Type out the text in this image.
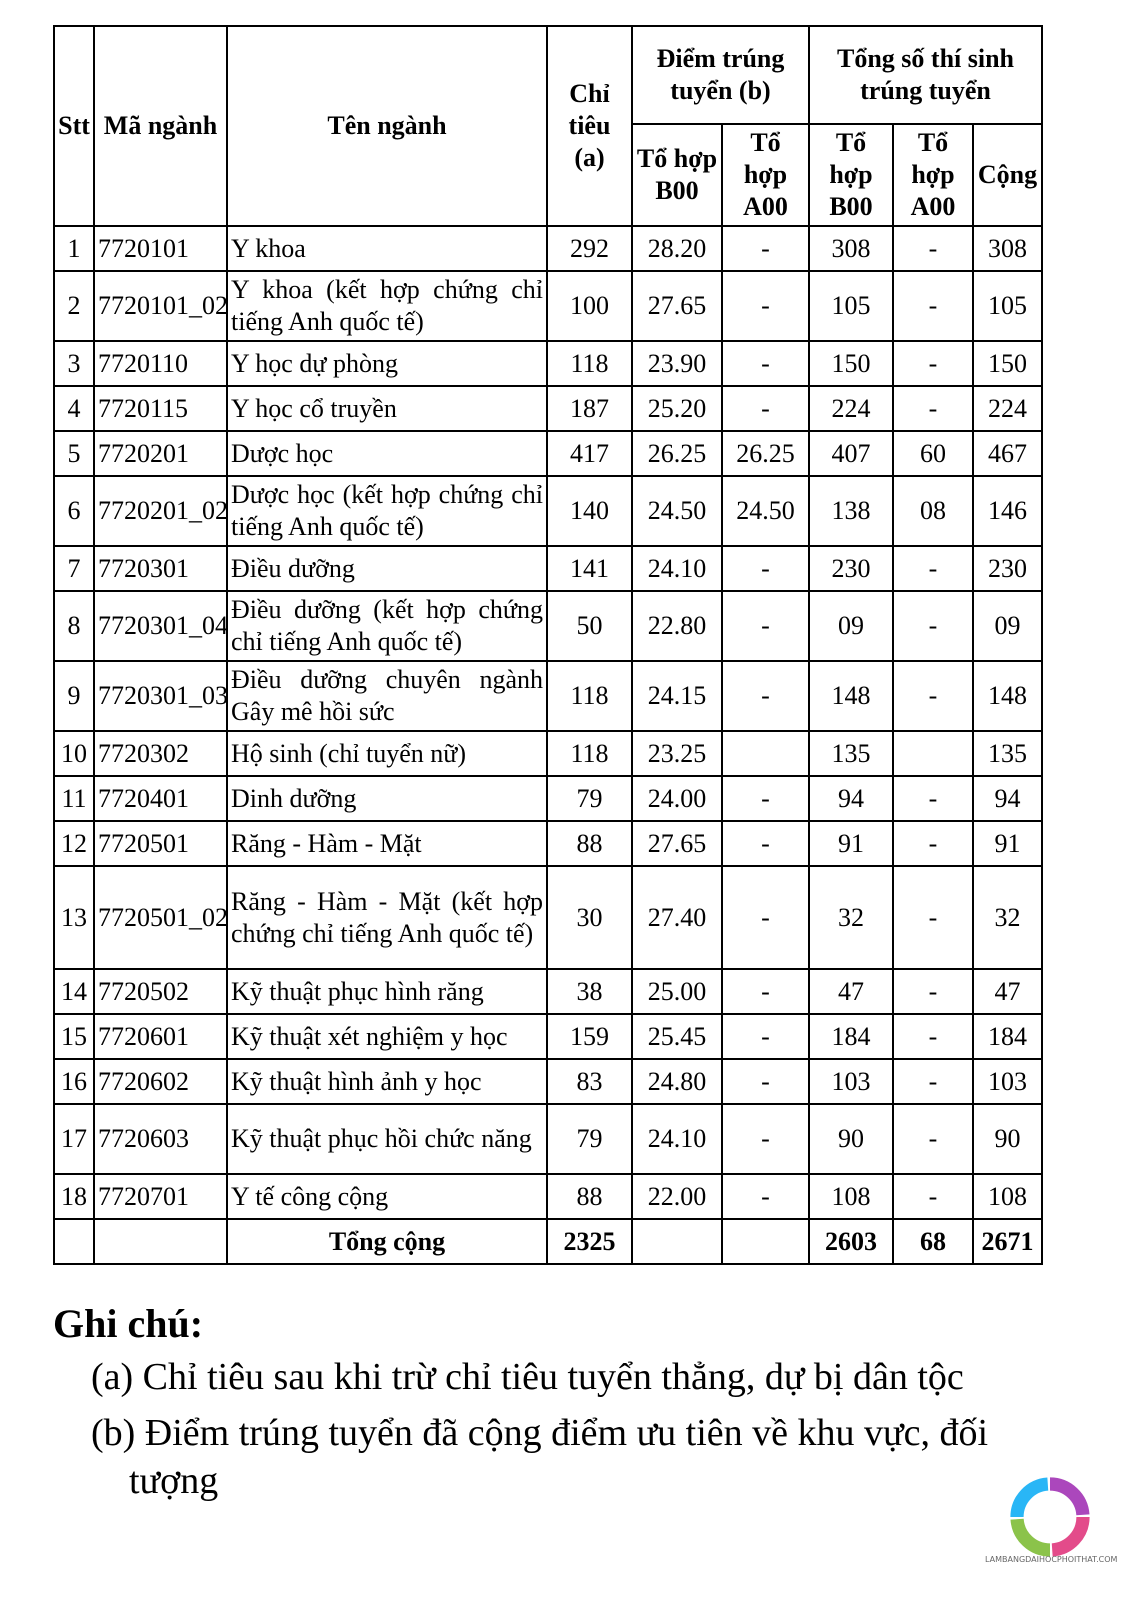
Stt	Mã ngành	Tên ngành	Chỉ tiêu (a)	Điểm trúng tuyển (b)		Tổng số thí sinh trúng tuyển		
				Tổ hợp B00	Tổ hợp A00	Tổ hợp B00	Tổ hợp A00	Cộng
1	7720101	Y khoa	292	28.20	-	308	-	308
2	7720101_02	Y khoa (kết hợp chứng chỉ tiếng Anh quốc tế)	100	27.65	-	105	-	105
3	7720110	Y học dự phòng	118	23.90	-	150	-	150
4	7720115	Y học cổ truyền	187	25.20	-	224	-	224
5	7720201	Dược học	417	26.25	26.25	407	60	467
6	7720201_02	Dược học (kết hợp chứng chỉ tiếng Anh quốc tế)	140	24.50	24.50	138	08	146
7	7720301	Điều dưỡng	141	24.10	-	230	-	230
8	7720301_04	Điều dưỡng (kết hợp chứng chỉ tiếng Anh quốc tế)	50	22.80	-	09	-	09
9	7720301_03	Điều dưỡng chuyên ngành Gây mê hồi sức	118	24.15	-	148	-	148
10	7720302	Hộ sinh (chỉ tuyển nữ)	118	23.25		135		135
11	7720401	Dinh dưỡng	79	24.00	-	94	-	94
12	7720501	Răng - Hàm - Mặt	88	27.65	-	91	-	91
13	7720501_02	Răng - Hàm - Mặt (kết hợp chứng chỉ tiếng Anh quốc tế)	30	27.40	-	32	-	32
14	7720502	Kỹ thuật phục hình răng	38	25.00	-	47	-	47
15	7720601	Kỹ thuật xét nghiệm y học	159	25.45	-	184	-	184
16	7720602	Kỹ thuật hình ảnh y học	83	24.80	-	103	-	103
17	7720603	Kỹ thuật phục hồi chức năng	79	24.10	-	90	-	90
18	7720701	Y tế công cộng	88	22.00	-	108	-	108
		Tổng cộng	2325			2603	68	2671
Ghi chú:
(a) Chỉ tiêu sau khi trừ chỉ tiêu tuyển thẳng, dự bị dân tộc
(b) Điểm trúng tuyển đã cộng điểm ưu tiên về khu vực, đối tượng
LAMBANGDAIHOCPHOITHAT.COM
